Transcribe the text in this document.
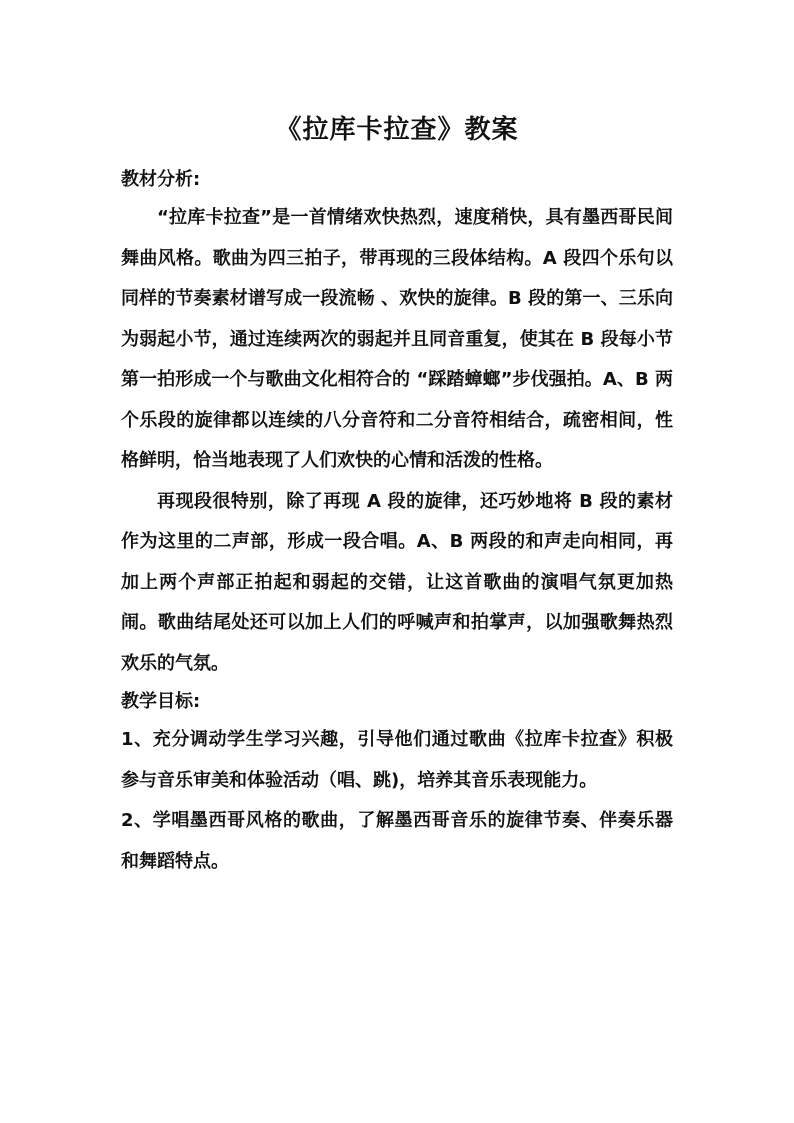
《拉库卡拉查》教案

教材分析:

“拉库卡拉查”是一首情绪欢快热烈，速度稍快，具有墨西哥民间舞曲风格。歌曲为四三拍子，带再现的三段体结构。A 段四个乐句以同样的节奏素材谱写成一段流畅 、欢快的旋律。B 段的第一、三乐向为弱起小节，通过连续两次的弱起并且同音重复，使其在 B 段每小节第一拍形成一个与歌曲文化相符合的 “踩踏蟑螂”步伐强拍。A、B 两个乐段的旋律都以连续的八分音符和二分音符相结合，疏密相间，性格鲜明，恰当地表现了人们欢快的心情和活泼的性格。

再现段很特别，除了再现 A 段的旋律，还巧妙地将 B 段的素材作为这里的二声部，形成一段合唱。A、B 两段的和声走向相同，再加上两个声部正拍起和弱起的交错，让这首歌曲的演唱气氛更加热闹。歌曲结尾处还可以加上人们的呼喊声和拍掌声，以加强歌舞热烈欢乐的气氛。

教学目标:

1、充分调动学生学习兴趣，引导他们通过歌曲《拉库卡拉查》积极参与音乐审美和体验活动（唱、跳)，培养其音乐表现能力。

2、学唱墨西哥风格的歌曲，了解墨西哥音乐的旋律节奏、伴奏乐器和舞蹈特点。
